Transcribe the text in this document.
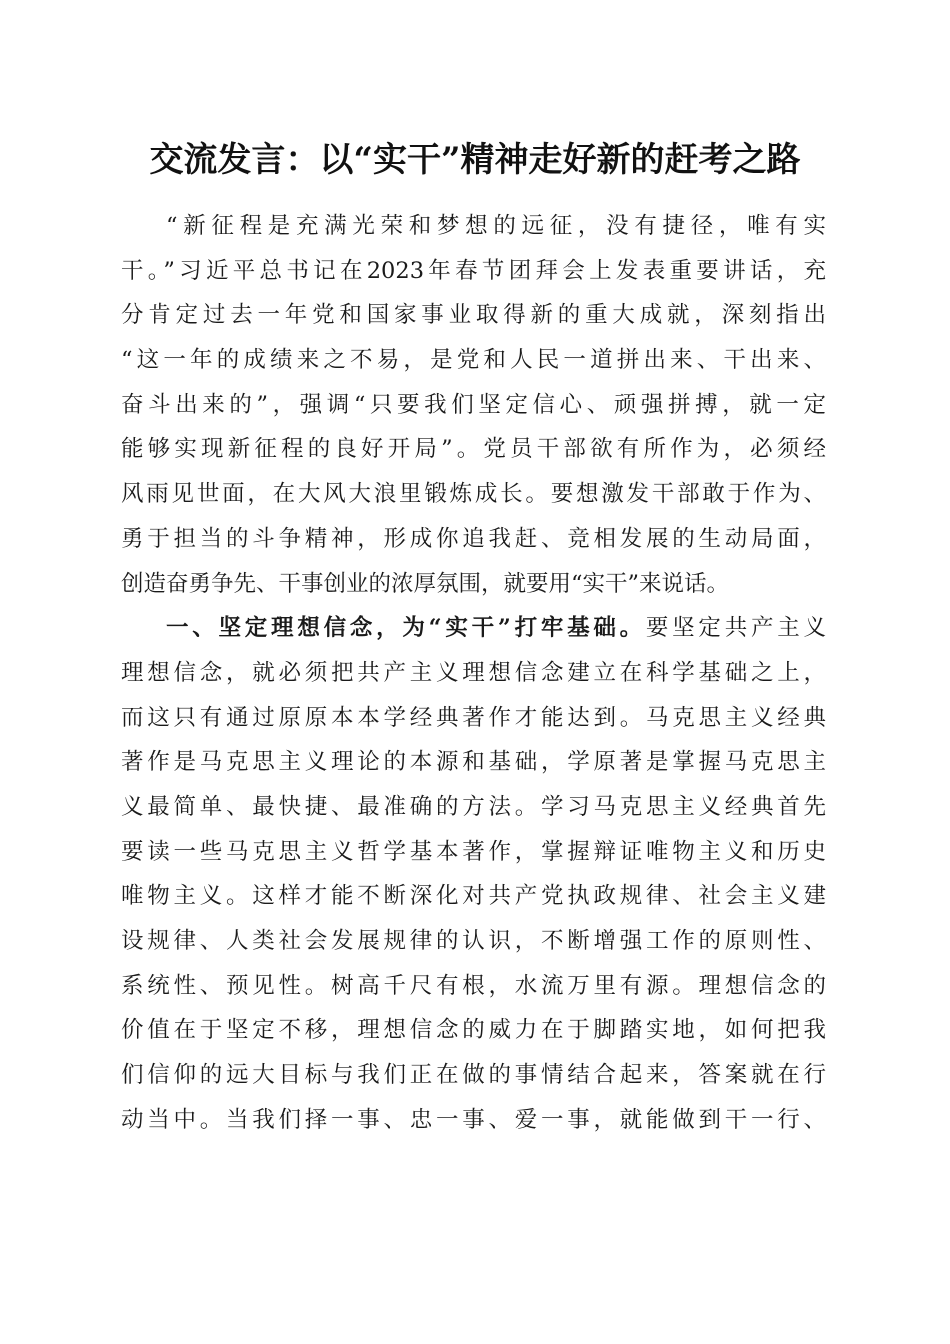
交流发言：以“实干”精神走好新的赶考之路
“新征程是充满光荣和梦想的远征，没有捷径，唯有实
干。”习近平总书记在2023年春节团拜会上发表重要讲话，充
分肯定过去一年党和国家事业取得新的重大成就，深刻指出
“这一年的成绩来之不易，是党和人民一道拼出来、干出来、
奋斗出来的”，强调“只要我们坚定信心、顽强拼搏，就一定
能够实现新征程的良好开局”。党员干部欲有所作为，必须经
风雨见世面，在大风大浪里锻炼成长。要想激发干部敢于作为、
勇于担当的斗争精神，形成你追我赶、竞相发展的生动局面，
创造奋勇争先、干事创业的浓厚氛围，就要用“实干”来说话。
一、坚定理想信念，为“实干”打牢基础。要坚定共产主义
理想信念，就必须把共产主义理想信念建立在科学基础之上，
而这只有通过原原本本学经典著作才能达到。马克思主义经典
著作是马克思主义理论的本源和基础，学原著是掌握马克思主
义最简单、最快捷、最准确的方法。学习马克思主义经典首先
要读一些马克思主义哲学基本著作，掌握辩证唯物主义和历史
唯物主义。这样才能不断深化对共产党执政规律、社会主义建
设规律、人类社会发展规律的认识，不断增强工作的原则性、
系统性、预见性。树高千尺有根，水流万里有源。理想信念的
价值在于坚定不移，理想信念的威力在于脚踏实地，如何把我
们信仰的远大目标与我们正在做的事情结合起来，答案就在行
动当中。当我们择一事、忠一事、爱一事，就能做到干一行、
